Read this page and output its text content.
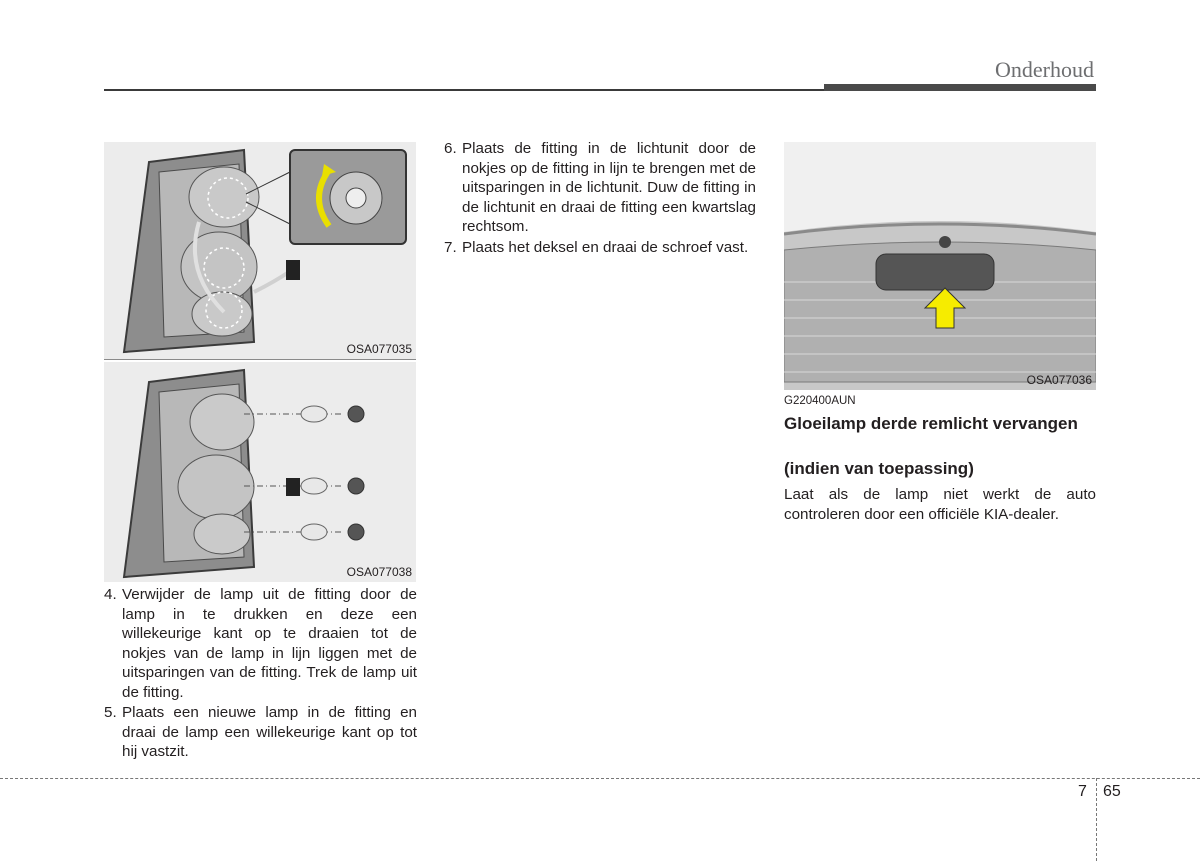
Onderhoud
OSA077035
OSA077038
4. Verwijder de lamp uit de fitting door de lamp in te drukken en deze een willekeurige kant op te draaien tot de nokjes van de lamp in lijn liggen met de uitsparingen van de fitting. Trek de lamp uit de fitting.
5. Plaats een nieuwe lamp in de fitting en draai de lamp een willekeurige kant op tot hij vastzit.
6. Plaats de fitting in de lichtunit door de nokjes op de fitting in lijn te brengen met de uitsparingen in de lichtunit. Duw de fitting in de lichtunit en draai de fitting een kwartslag rechtsom.
7. Plaats het deksel en draai de schroef vast.
OSA077036
G220400AUN
Gloeilamp derde remlicht vervangen
(indien van toepassing)
Laat als de lamp niet werkt de auto controleren door een officiële KIA-dealer.
7 65
